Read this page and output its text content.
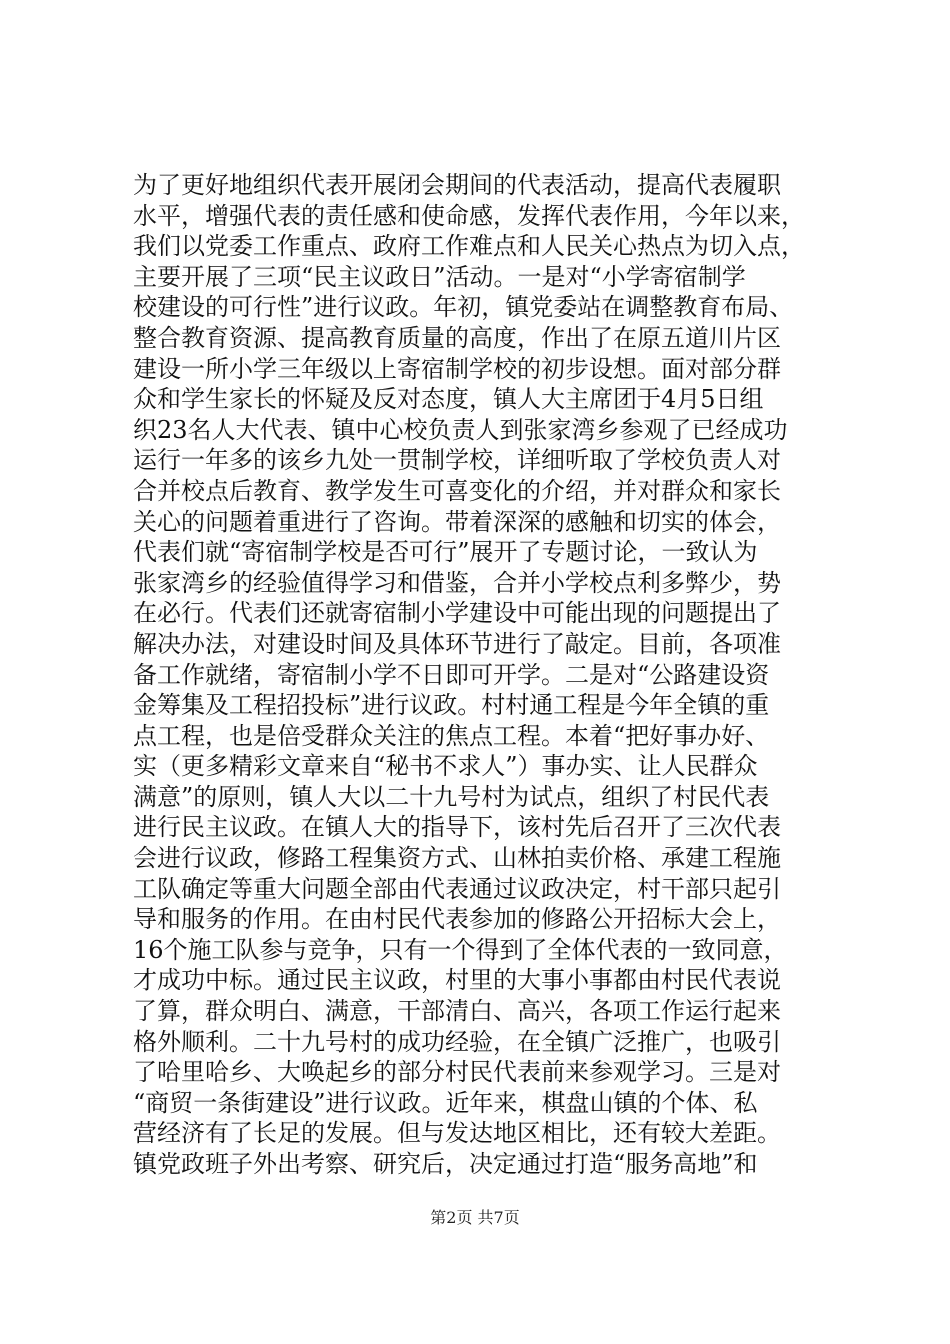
为了更好地组织代表开展闭会期间的代表活动，提高代表履职
水平，增强代表的责任感和使命感，发挥代表作用，今年以来，
我们以党委工作重点、政府工作难点和人民关心热点为切入点，
主要开展了三项“民主议政日”活动。一是对“小学寄宿制学
校建设的可行性”进行议政。年初，镇党委站在调整教育布局、
整合教育资源、提高教育质量的高度，作出了在原五道川片区
建设一所小学三年级以上寄宿制学校的初步设想。面对部分群
众和学生家长的怀疑及反对态度，镇人大主席团于4月5日组
织23名人大代表、镇中心校负责人到张家湾乡参观了已经成功
运行一年多的该乡九处一贯制学校，详细听取了学校负责人对
合并校点后教育、教学发生可喜变化的介绍，并对群众和家长
关心的问题着重进行了咨询。带着深深的感触和切实的体会，
代表们就“寄宿制学校是否可行”展开了专题讨论，一致认为
张家湾乡的经验值得学习和借鉴，合并小学校点利多弊少，势
在必行。代表们还就寄宿制小学建设中可能出现的问题提出了
解决办法，对建设时间及具体环节进行了敲定。目前，各项准
备工作就绪，寄宿制小学不日即可开学。二是对“公路建设资
金筹集及工程招投标”进行议政。村村通工程是今年全镇的重
点工程，也是倍受群众关注的焦点工程。本着“把好事办好、
实（更多精彩文章来自“秘书不求人”）事办实、让人民群众
满意”的原则，镇人大以二十九号村为试点，组织了村民代表
进行民主议政。在镇人大的指导下，该村先后召开了三次代表
会进行议政，修路工程集资方式、山林拍卖价格、承建工程施
工队确定等重大问题全部由代表通过议政决定，村干部只起引
导和服务的作用。在由村民代表参加的修路公开招标大会上，
16个施工队参与竞争，只有一个得到了全体代表的一致同意，
才成功中标。通过民主议政，村里的大事小事都由村民代表说
了算，群众明白、满意，干部清白、高兴，各项工作运行起来
格外顺利。二十九号村的成功经验，在全镇广泛推广，也吸引
了哈里哈乡、大唤起乡的部分村民代表前来参观学习。三是对
“商贸一条街建设”进行议政。近年来，棋盘山镇的个体、私
营经济有了长足的发展。但与发达地区相比，还有较大差距。
镇党政班子外出考察、研究后，决定通过打造“服务高地”和
第2页 共7页
